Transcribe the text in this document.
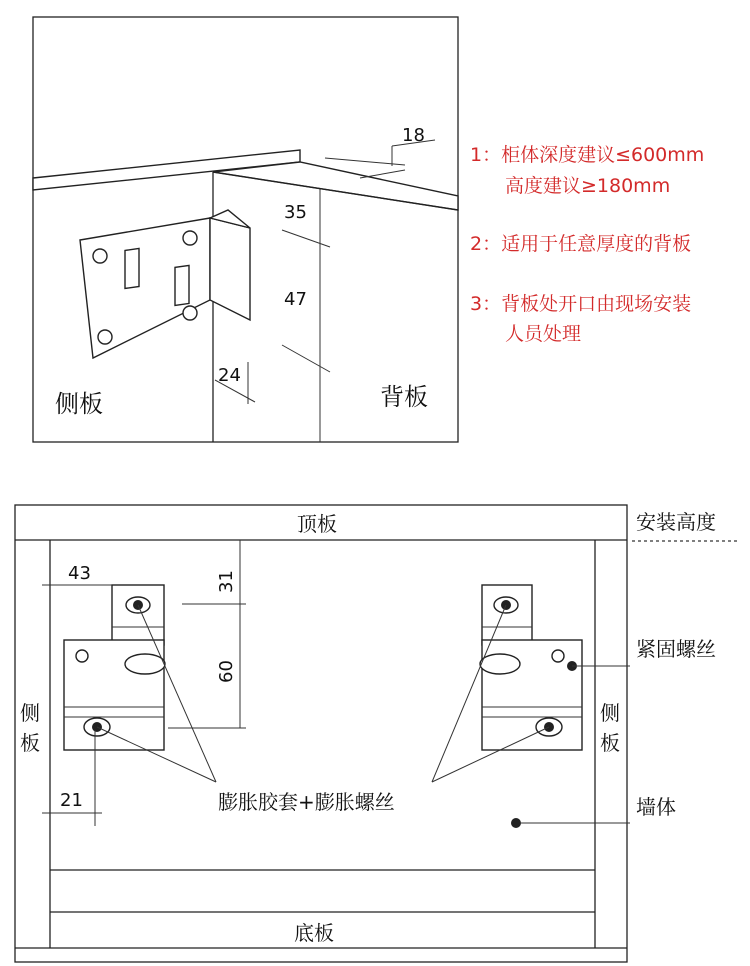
18
35
47
24
侧板	背板
1：柜体深度建议≤600mm
高度建议≥180mm
2：适用于任意厚度的背板
3：背板处开口由现场安装
人员处理
顶板
底板
侧
板
侧
板
安装高度
紧固螺丝
墙体
膨胀胶套+膨胀螺丝
43	31
60
21
